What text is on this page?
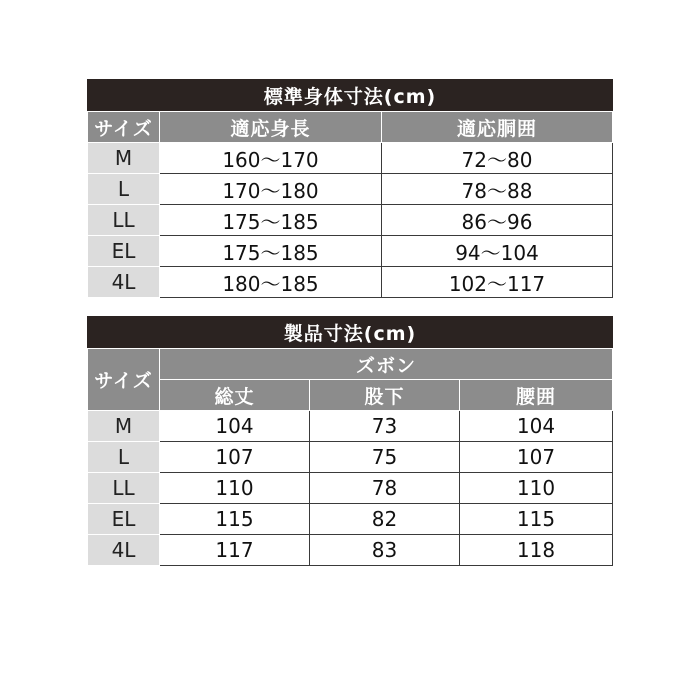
標準身体寸法(cm)		
サイズ	適応身長	適応胴囲
M	160～170	72～80
L	170～180	78～88
LL	175～185	86～96
EL	175～185	94～104
4L	180～185	102～117
製品寸法(cm)			
サイズ	ズボン		
	総丈	股下	腰囲
M	104	73	104
L	107	75	107
LL	110	78	110
EL	115	82	115
4L	117	83	118
